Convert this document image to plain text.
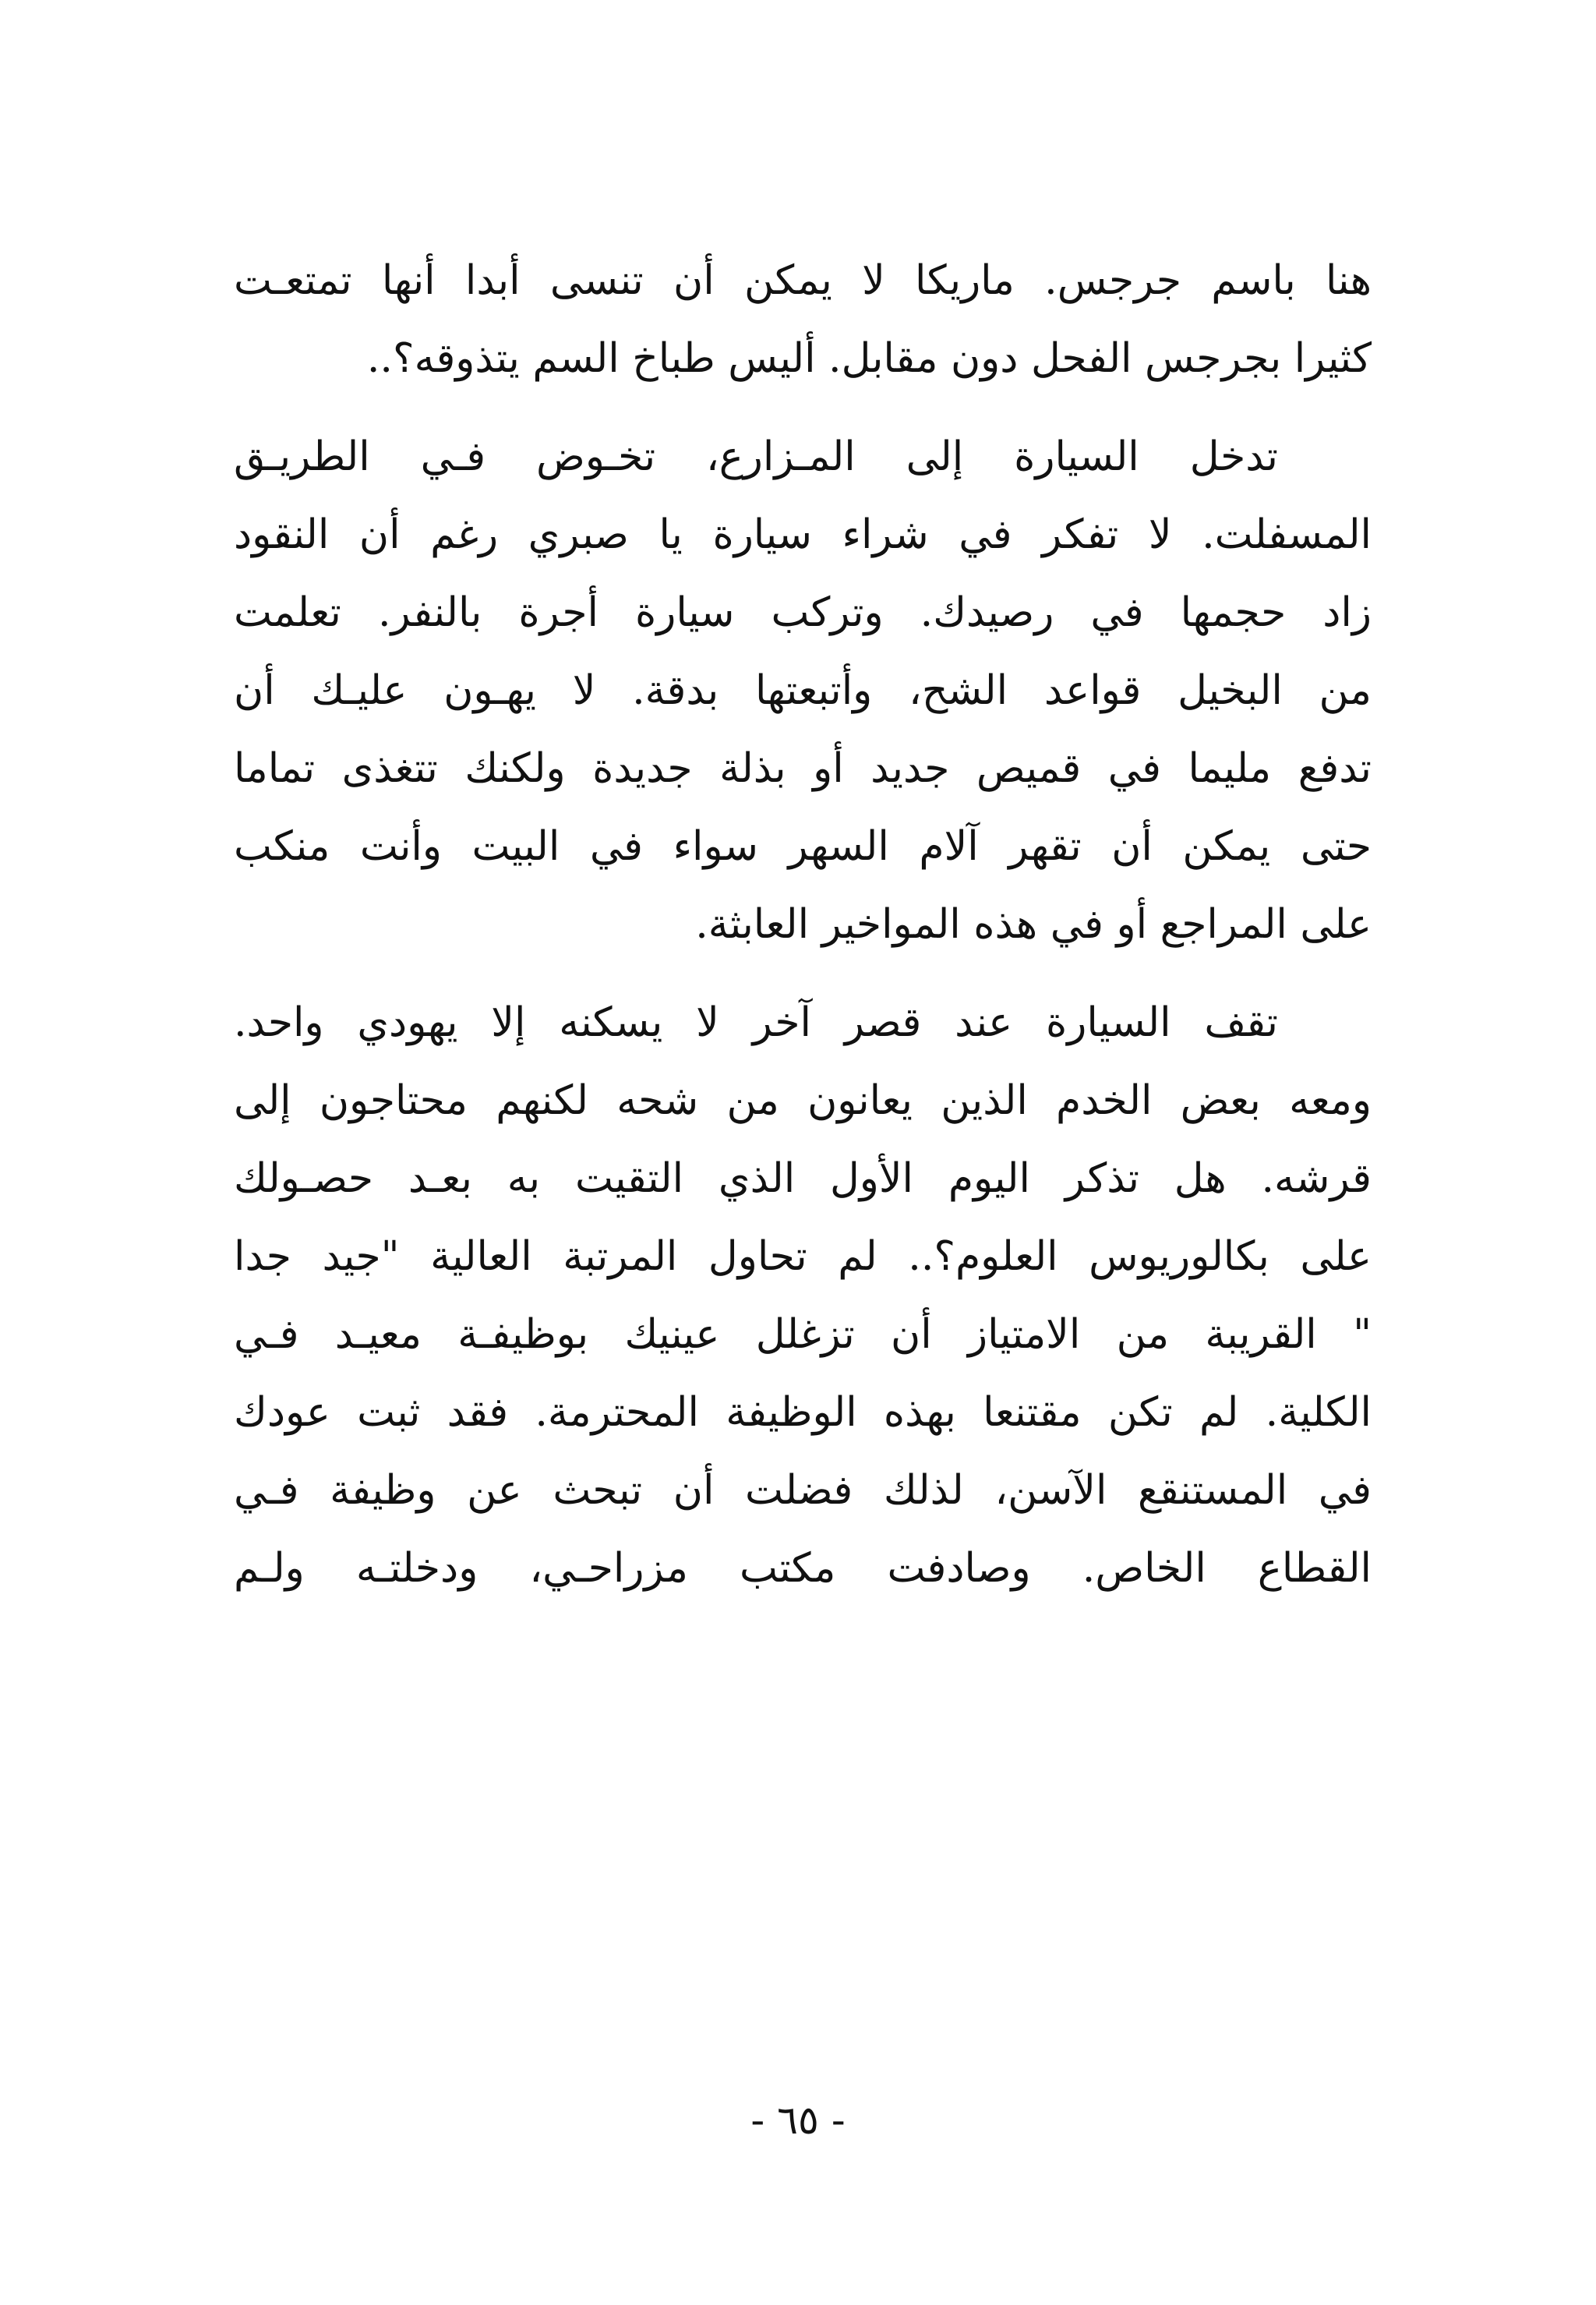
هنا باسم جرجس. ماريكا لا يمكن أن تنسى أبدا أنها تمتعـت
كثيرا بجرجس الفحل دون مقابل. أليس طباخ السم يتذوقه؟..
تدخل السيارة إلى المـزارع، تخـوض فـي الطريـق
المسفلت. لا تفكر في شراء سيارة يا صبري رغم أن النقود
زاد حجمها في رصيدك. وتركب سيارة أجرة بالنفر. تعلمت
من البخيل قواعد الشح، وأتبعتها بدقة. لا يهـون عليـك أن
تدفع مليما في قميص جديد أو بذلة جديدة ولكنك تتغذى تماما
حتى يمكن أن تقهر آلام السهر سواء في البيت وأنت منكب
على المراجع أو في هذه المواخير العابثة.
تقف السيارة عند قصر آخر لا يسكنه إلا يهودي واحد.
ومعه بعض الخدم الذين يعانون من شحه لكنهم محتاجون إلى
قرشه. هل تذكر اليوم الأول الذي التقيت به بعـد حصـولك
على بكالوريوس العلوم؟.. لم تحاول المرتبة العالية "جيد جدا
" القريبة من الامتياز أن تزغلل عينيك بوظيفـة معيـد فـي
الكلية. لم تكن مقتنعا بهذه الوظيفة المحترمة. فقد ثبت عودك
في المستنقع الآسن، لذلك فضلت أن تبحث عن وظيفة فـي
القطاع الخاص. وصادفت مكتب مزراحـي، ودخلتـه ولـم
- ٦٥ -
